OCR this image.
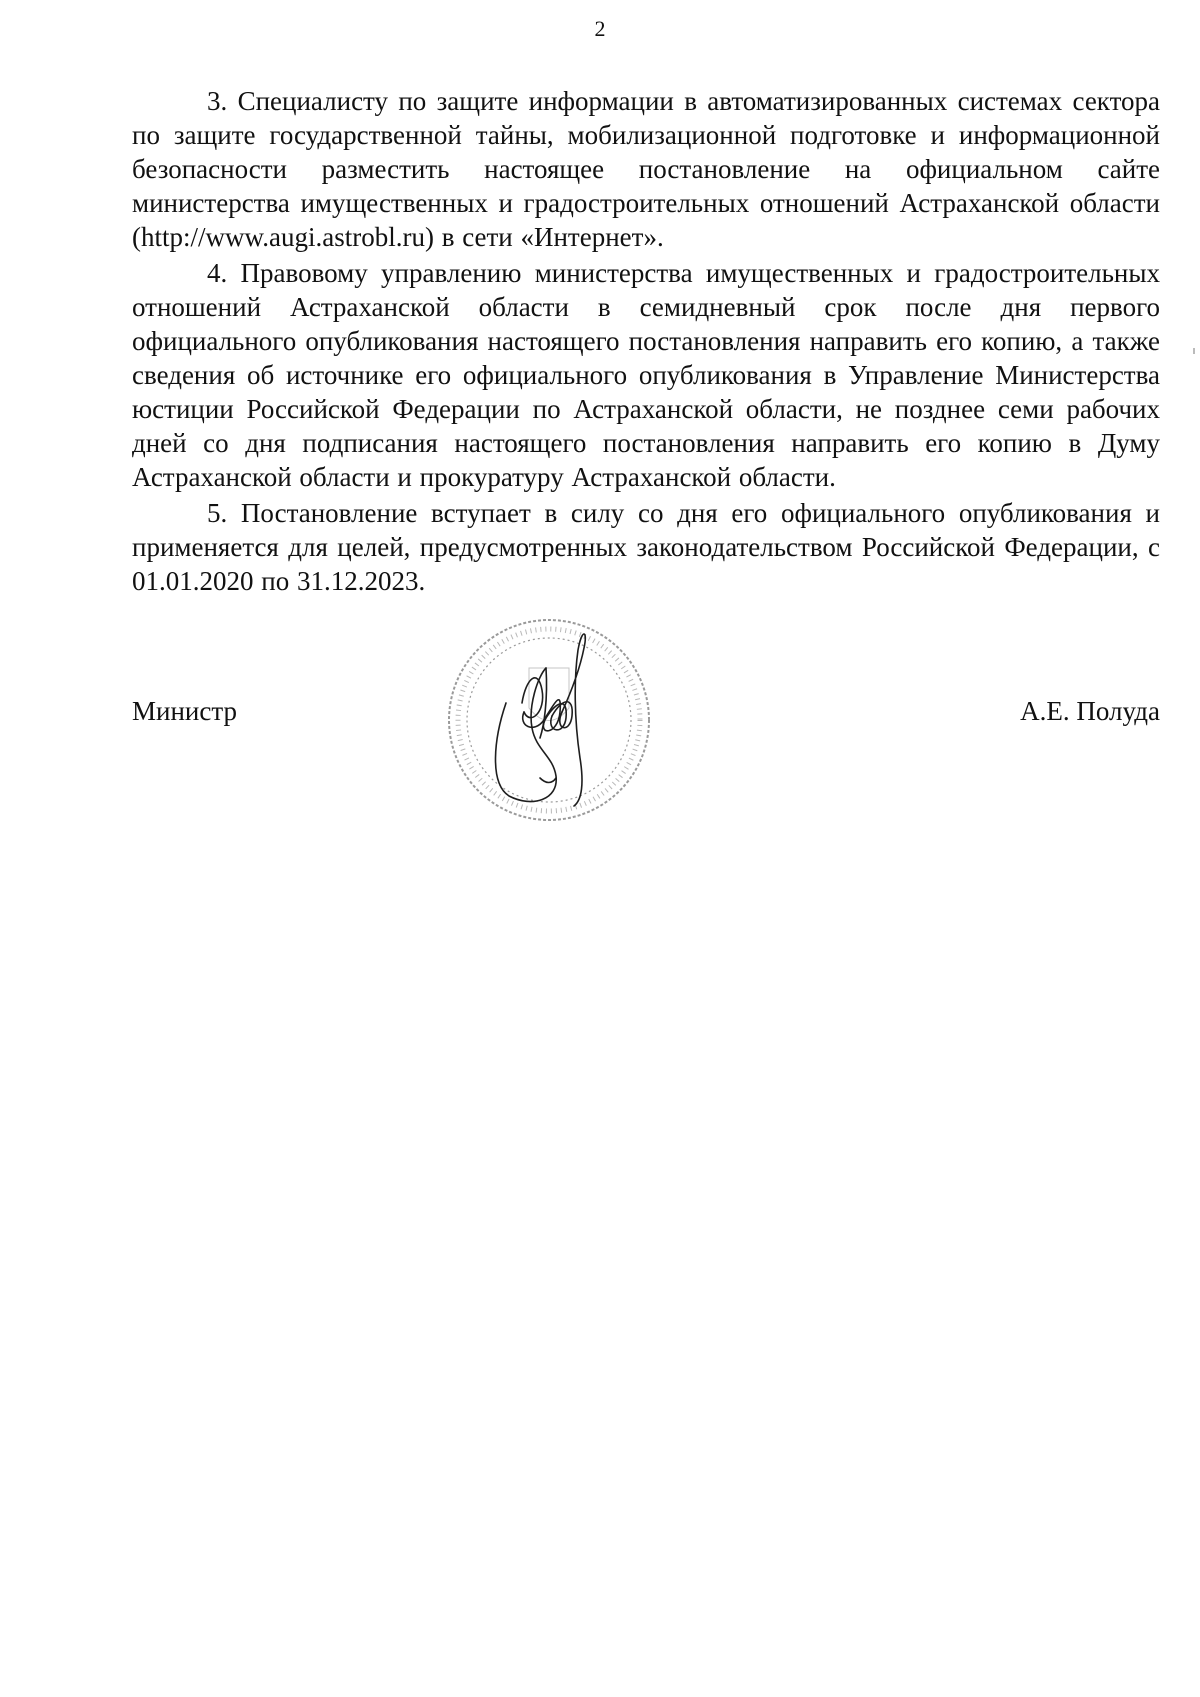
2

3. Специалисту по защите информации в автоматизированных системах сектора по защите государственной тайны, мобилизационной подготовке и информационной безопасности разместить настоящее постановление на официальном сайте министерства имущественных и градостроительных отношений Астраханской области (http://www.augi.astrobl.ru) в сети «Интернет».

4. Правовому управлению министерства имущественных и градостроительных отношений Астраханской области в семидневный срок после дня первого официального опубликования настоящего постановления направить его копию, а также сведения об источнике его официального опубликования в Управление Министерства юстиции Российской Федерации по Астраханской области, не позднее семи рабочих дней со дня подписания настоящего постановления направить его копию в Думу Астраханской области и прокуратуру Астраханской области.

5. Постановление вступает в силу со дня его официального опубликования и применяется для целей, предусмотренных законодательством Российской Федерации, с 01.01.2020 по 31.12.2023.

Министр	А.Е. Полуда
